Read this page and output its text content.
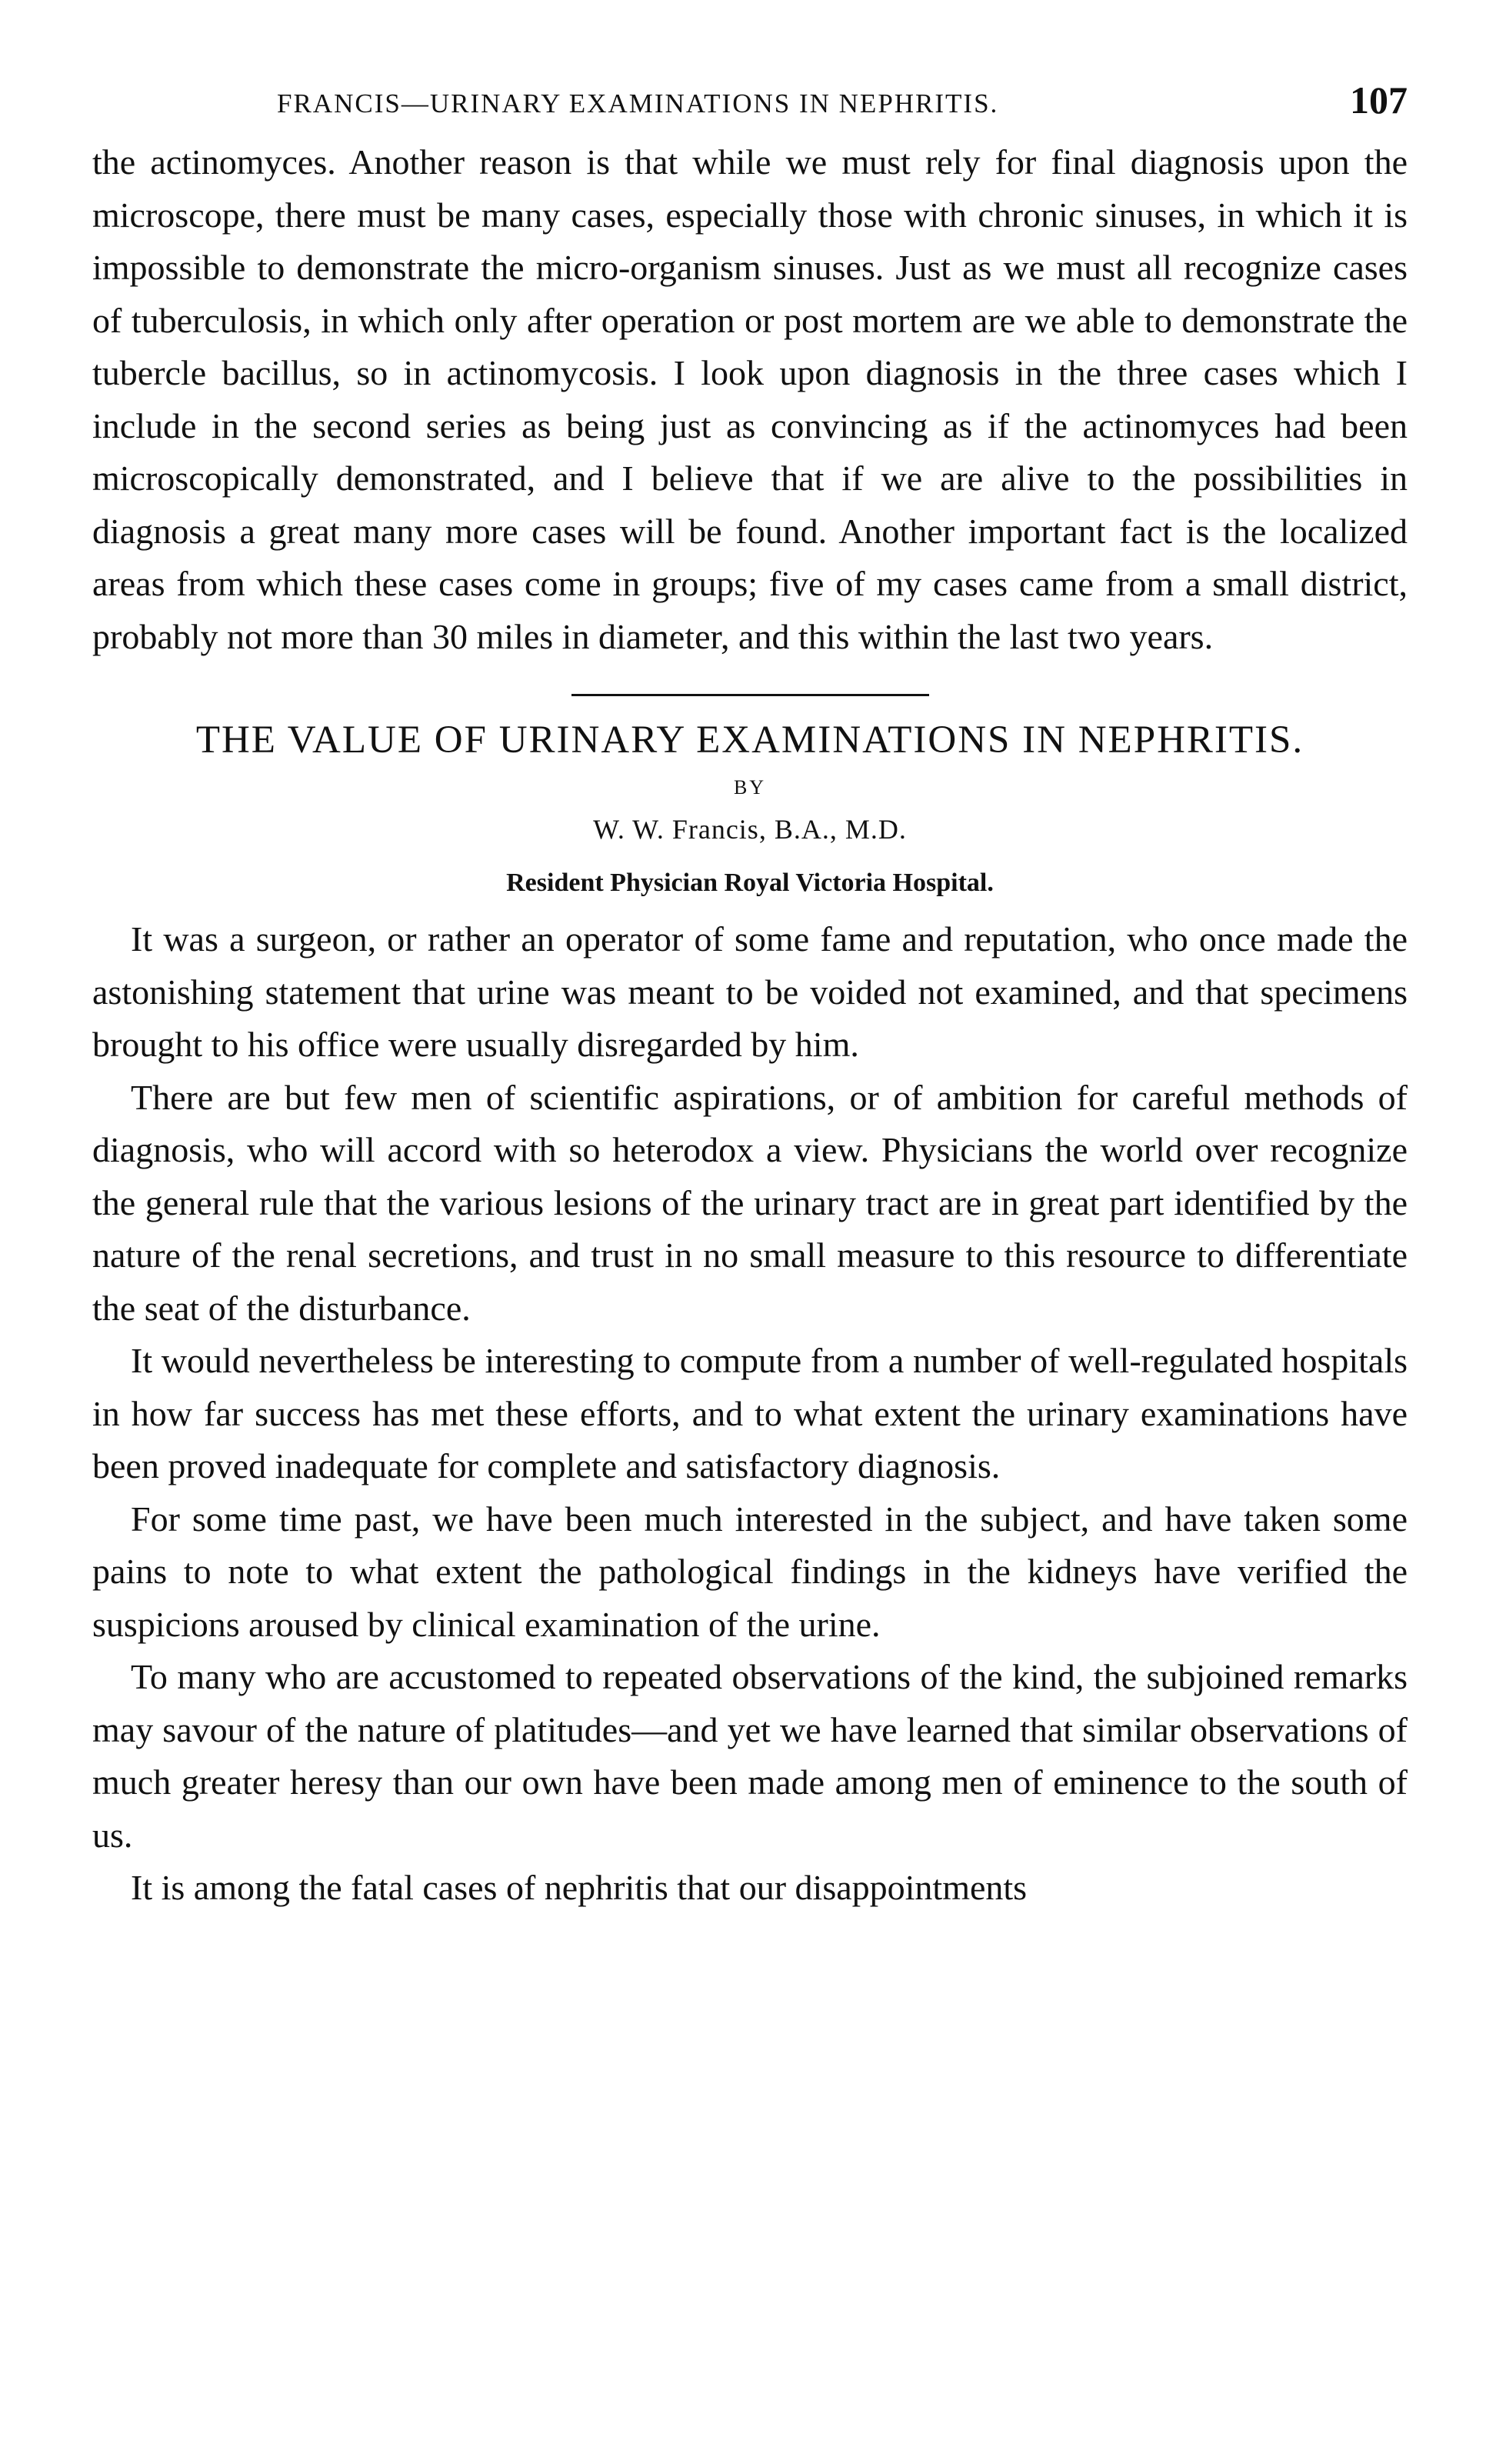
FRANCIS—URINARY EXAMINATIONS IN NEPHRITIS.	107

the actinomyces. Another reason is that while we must rely for final diagnosis upon the microscope, there must be many cases, especially those with chronic sinuses, in which it is impossible to demonstrate the micro-organism sinuses. Just as we must all recognize cases of tuberculosis, in which only after operation or post mortem are we able to demonstrate the tubercle bacillus, so in actinomycosis. I look upon diagnosis in the three cases which I include in the second series as being just as convincing as if the actinomyces had been microscopically demonstrated, and I believe that if we are alive to the possibilities in diagnosis a great many more cases will be found. Another important fact is the localized areas from which these cases come in groups; five of my cases came from a small district, probably not more than 30 miles in diameter, and this within the last two years.

THE VALUE OF URINARY EXAMINATIONS IN NEPHRITIS.
BY
W. W. Francis, B.A., M.D.
Resident Physician Royal Victoria Hospital.

It was a surgeon, or rather an operator of some fame and reputation, who once made the astonishing statement that urine was meant to be voided not examined, and that specimens brought to his office were usually disregarded by him.

There are but few men of scientific aspirations, or of ambition for careful methods of diagnosis, who will accord with so heterodox a view. Physicians the world over recognize the general rule that the various lesions of the urinary tract are in great part identified by the nature of the renal secretions, and trust in no small measure to this resource to differentiate the seat of the disturbance.

It would nevertheless be interesting to compute from a number of well-regulated hospitals in how far success has met these efforts, and to what extent the urinary examinations have been proved inadequate for complete and satisfactory diagnosis.

For some time past, we have been much interested in the subject, and have taken some pains to note to what extent the pathological findings in the kidneys have verified the suspicions aroused by clinical examination of the urine.

To many who are accustomed to repeated observations of the kind, the subjoined remarks may savour of the nature of platitudes—and yet we have learned that similar observations of much greater heresy than our own have been made among men of eminence to the south of us.

It is among the fatal cases of nephritis that our disappointments
